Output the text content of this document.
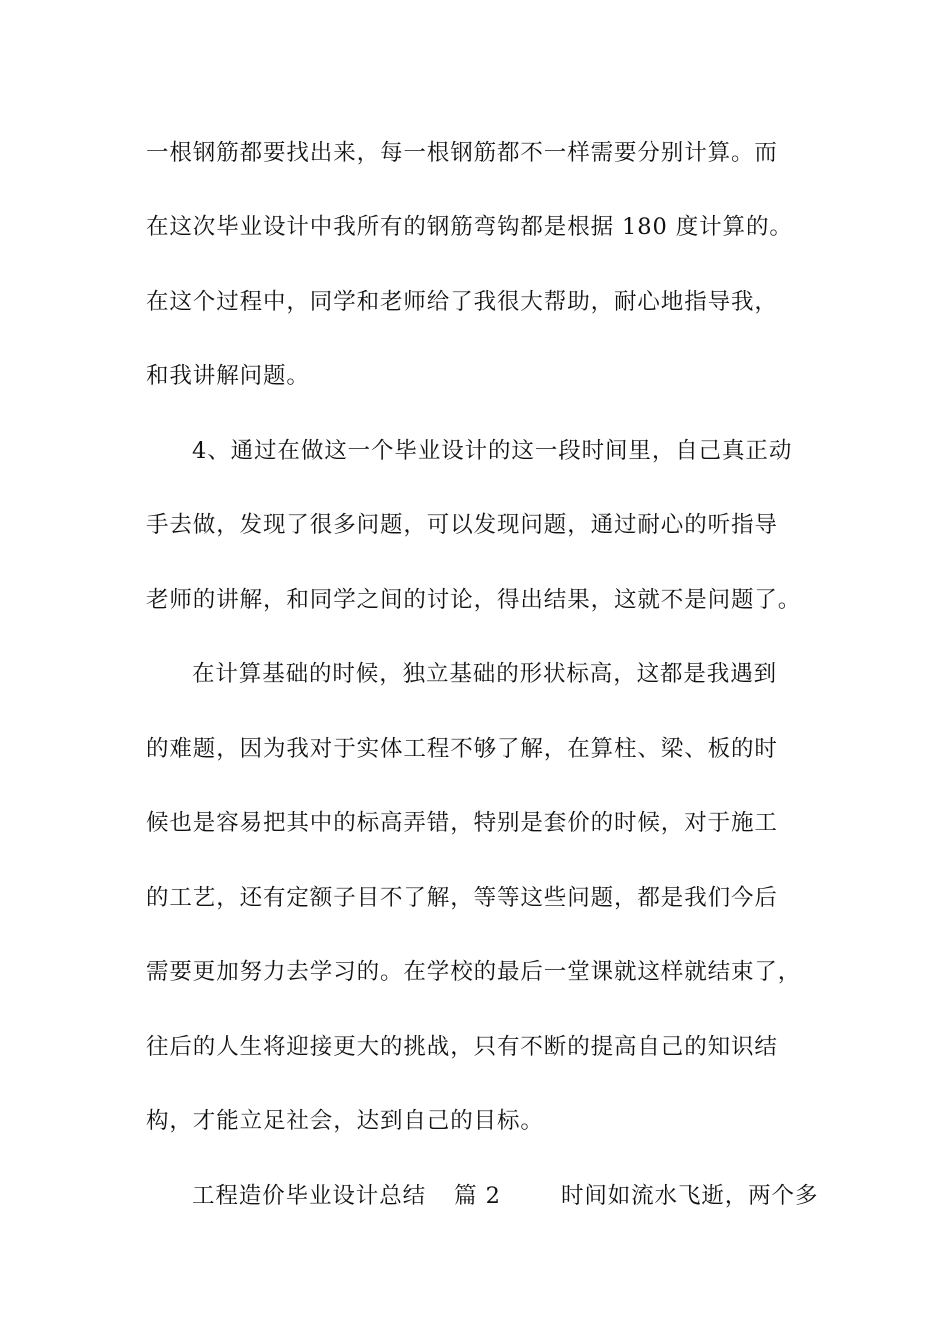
一根钢筋都要找出来，每一根钢筋都不一样需要分别计算。而
在这次毕业设计中我所有的钢筋弯钩都是根据 180 度计算的。
在这个过程中，同学和老师给了我很大帮助，耐心地指导我，
和我讲解问题。
4、通过在做这一个毕业设计的这一段时间里，自己真正动
手去做，发现了很多问题，可以发现问题，通过耐心的听指导
老师的讲解，和同学之间的讨论，得出结果，这就不是问题了。
在计算基础的时候，独立基础的形状标高，这都是我遇到
的难题，因为我对于实体工程不够了解，在算柱、梁、板的时
候也是容易把其中的标高弄错，特别是套价的时候，对于施工
的工艺，还有定额子目不了解，等等这些问题，都是我们今后
需要更加努力去学习的。在学校的最后一堂课就这样就结束了，
往后的人生将迎接更大的挑战，只有不断的提高自己的知识结
构，才能立足社会，达到自己的目标。
工程造价毕业设计总结 篇 2	时间如流水飞逝，两个多
